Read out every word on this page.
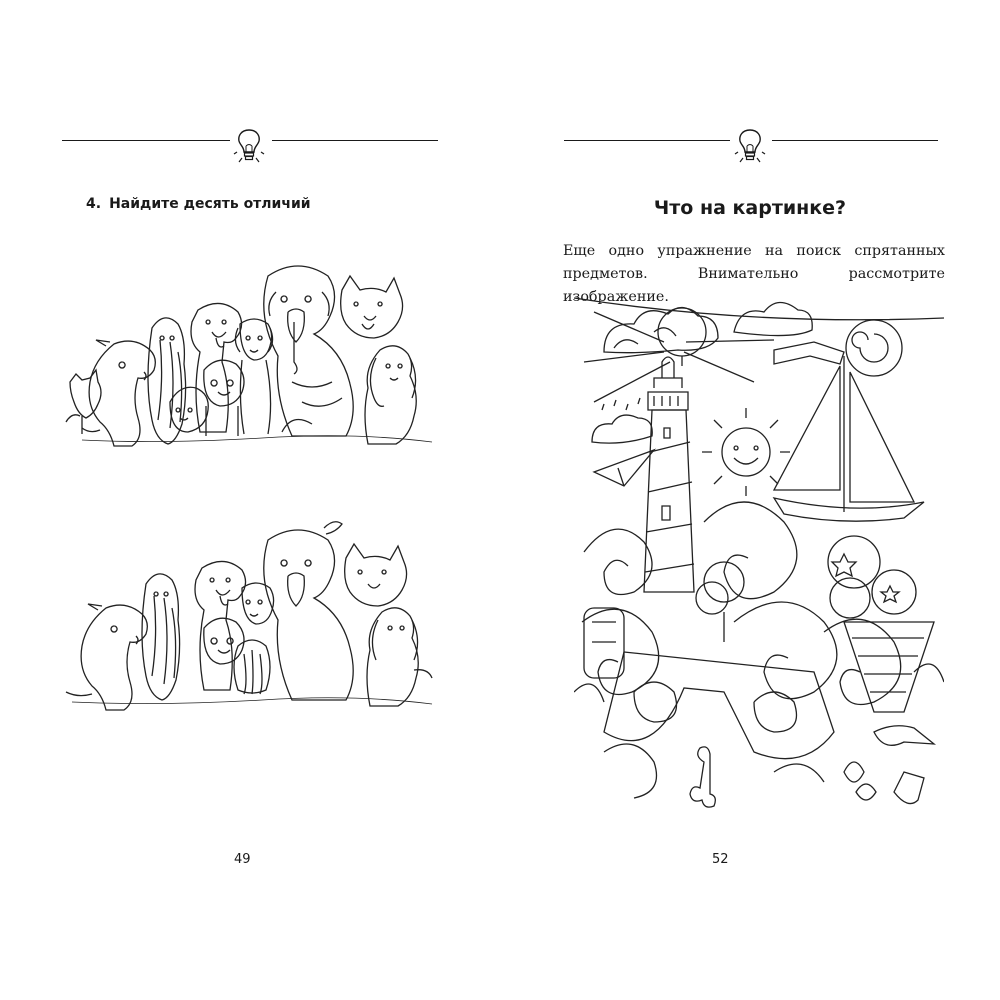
4. Найдите десять отличий
49
Что на картинке?
Еще одно упражнение на поиск спрятанных предметов. Внимательно рассмотрите изображение.
52
